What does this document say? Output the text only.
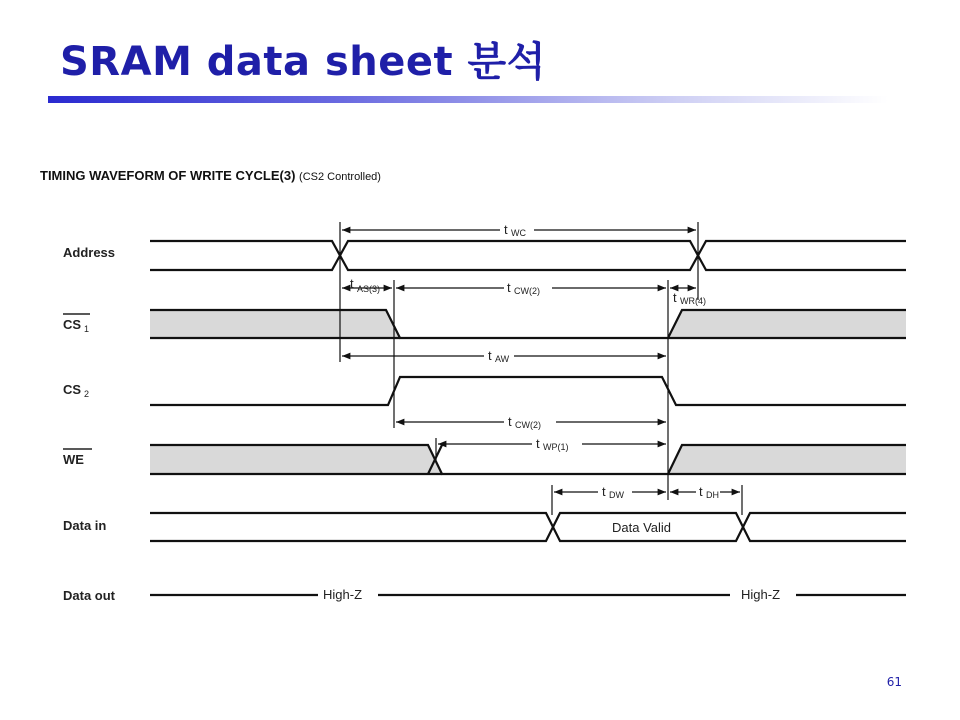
SRAM data sheet 분석
TIMING WAVEFORM OF WRITE CYCLE(3) (CS2 Controlled)
Address
CS 1
CS 2
WE
Data in
Data out
t WC
t AS(3)	t CW(2)	t WR(4)
t AW
t CW(2)
t WP(1)
t DW	t DH
Data Valid
High-Z	High-Z
61
